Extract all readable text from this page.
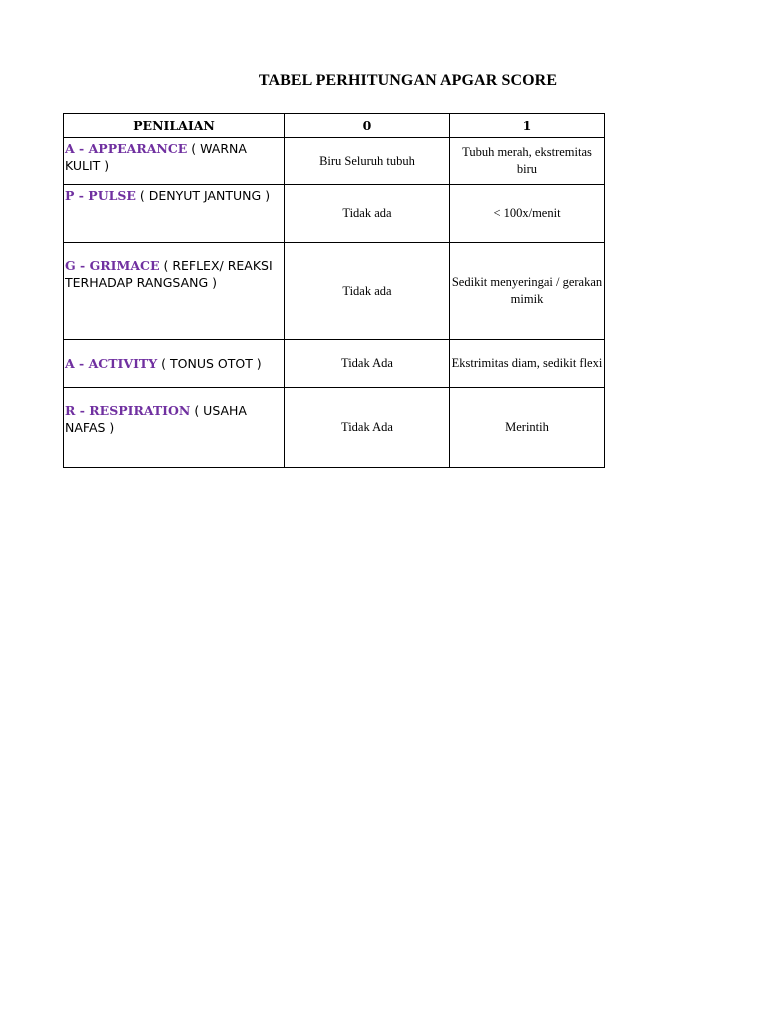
TABEL PERHITUNGAN APGAR SCORE
PENILAIAN	0	1
A - APPEARANCE ( WARNA KULIT )	Biru Seluruh tubuh	Tubuh merah, ekstremitas biru
P - PULSE ( DENYUT JANTUNG )	Tidak ada	< 100x/menit
G - GRIMACE ( REFLEX/ REAKSI TERHADAP RANGSANG )	Tidak ada	Sedikit menyeringai / gerakan mimik
A - ACTIVITY ( TONUS OTOT )	Tidak Ada	Ekstrimitas diam, sedikit flexi
R - RESPIRATION ( USAHA NAFAS )	Tidak Ada	Merintih
